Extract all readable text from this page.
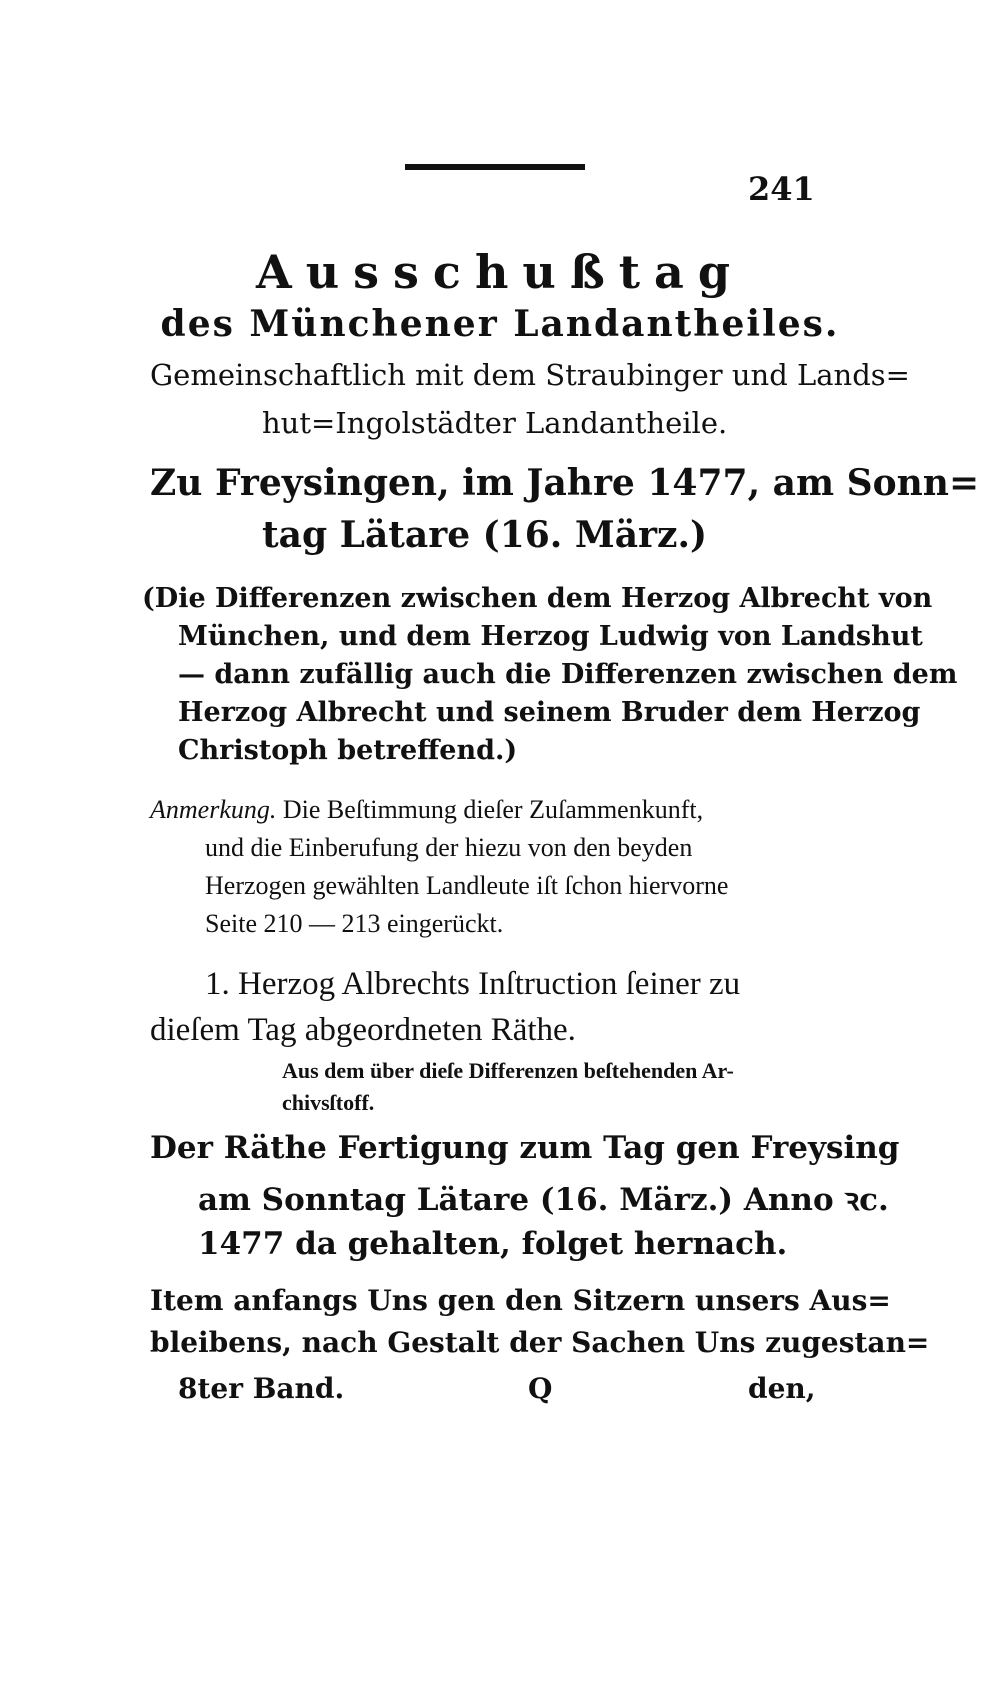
241
Ausschußtag
des Münchener Landantheiles.
Gemeinschaftlich mit dem Straubinger und Lands=
hut=Ingolstädter Landantheile.
Zu Freysingen, im Jahre 1477, am Sonn=
tag Lätare (16. März.)
(Die Differenzen zwischen dem Herzog Albrecht von
München, und dem Herzog Ludwig von Landshut
— dann zufällig auch die Differenzen zwischen dem
Herzog Albrecht und seinem Bruder dem Herzog
Christoph betreffend.)
Anmerkung. Die Beſtimmung dieſer Zuſammenkunft,
und die Einberufung der hiezu von den beyden
Herzogen gewählten Landleute iſt ſchon hiervorne
Seite 210 — 213 eingerückt.
1. Herzog Albrechts Inſtruction ſeiner zu
dieſem Tag abgeordneten Räthe.
Aus dem über dieſe Differenzen beſtehenden Ar-
chivsſtoff.
Der Räthe Fertigung zum Tag gen Freysing
am Sonntag Lätare (16. März.) Anno ꝛc.
1477 da gehalten, folget hernach.
Item anfangs Uns gen den Sitzern unsers Aus=
bleibens, nach Gestalt der Sachen Uns zugestan=
8ter Band.	Q	den,
